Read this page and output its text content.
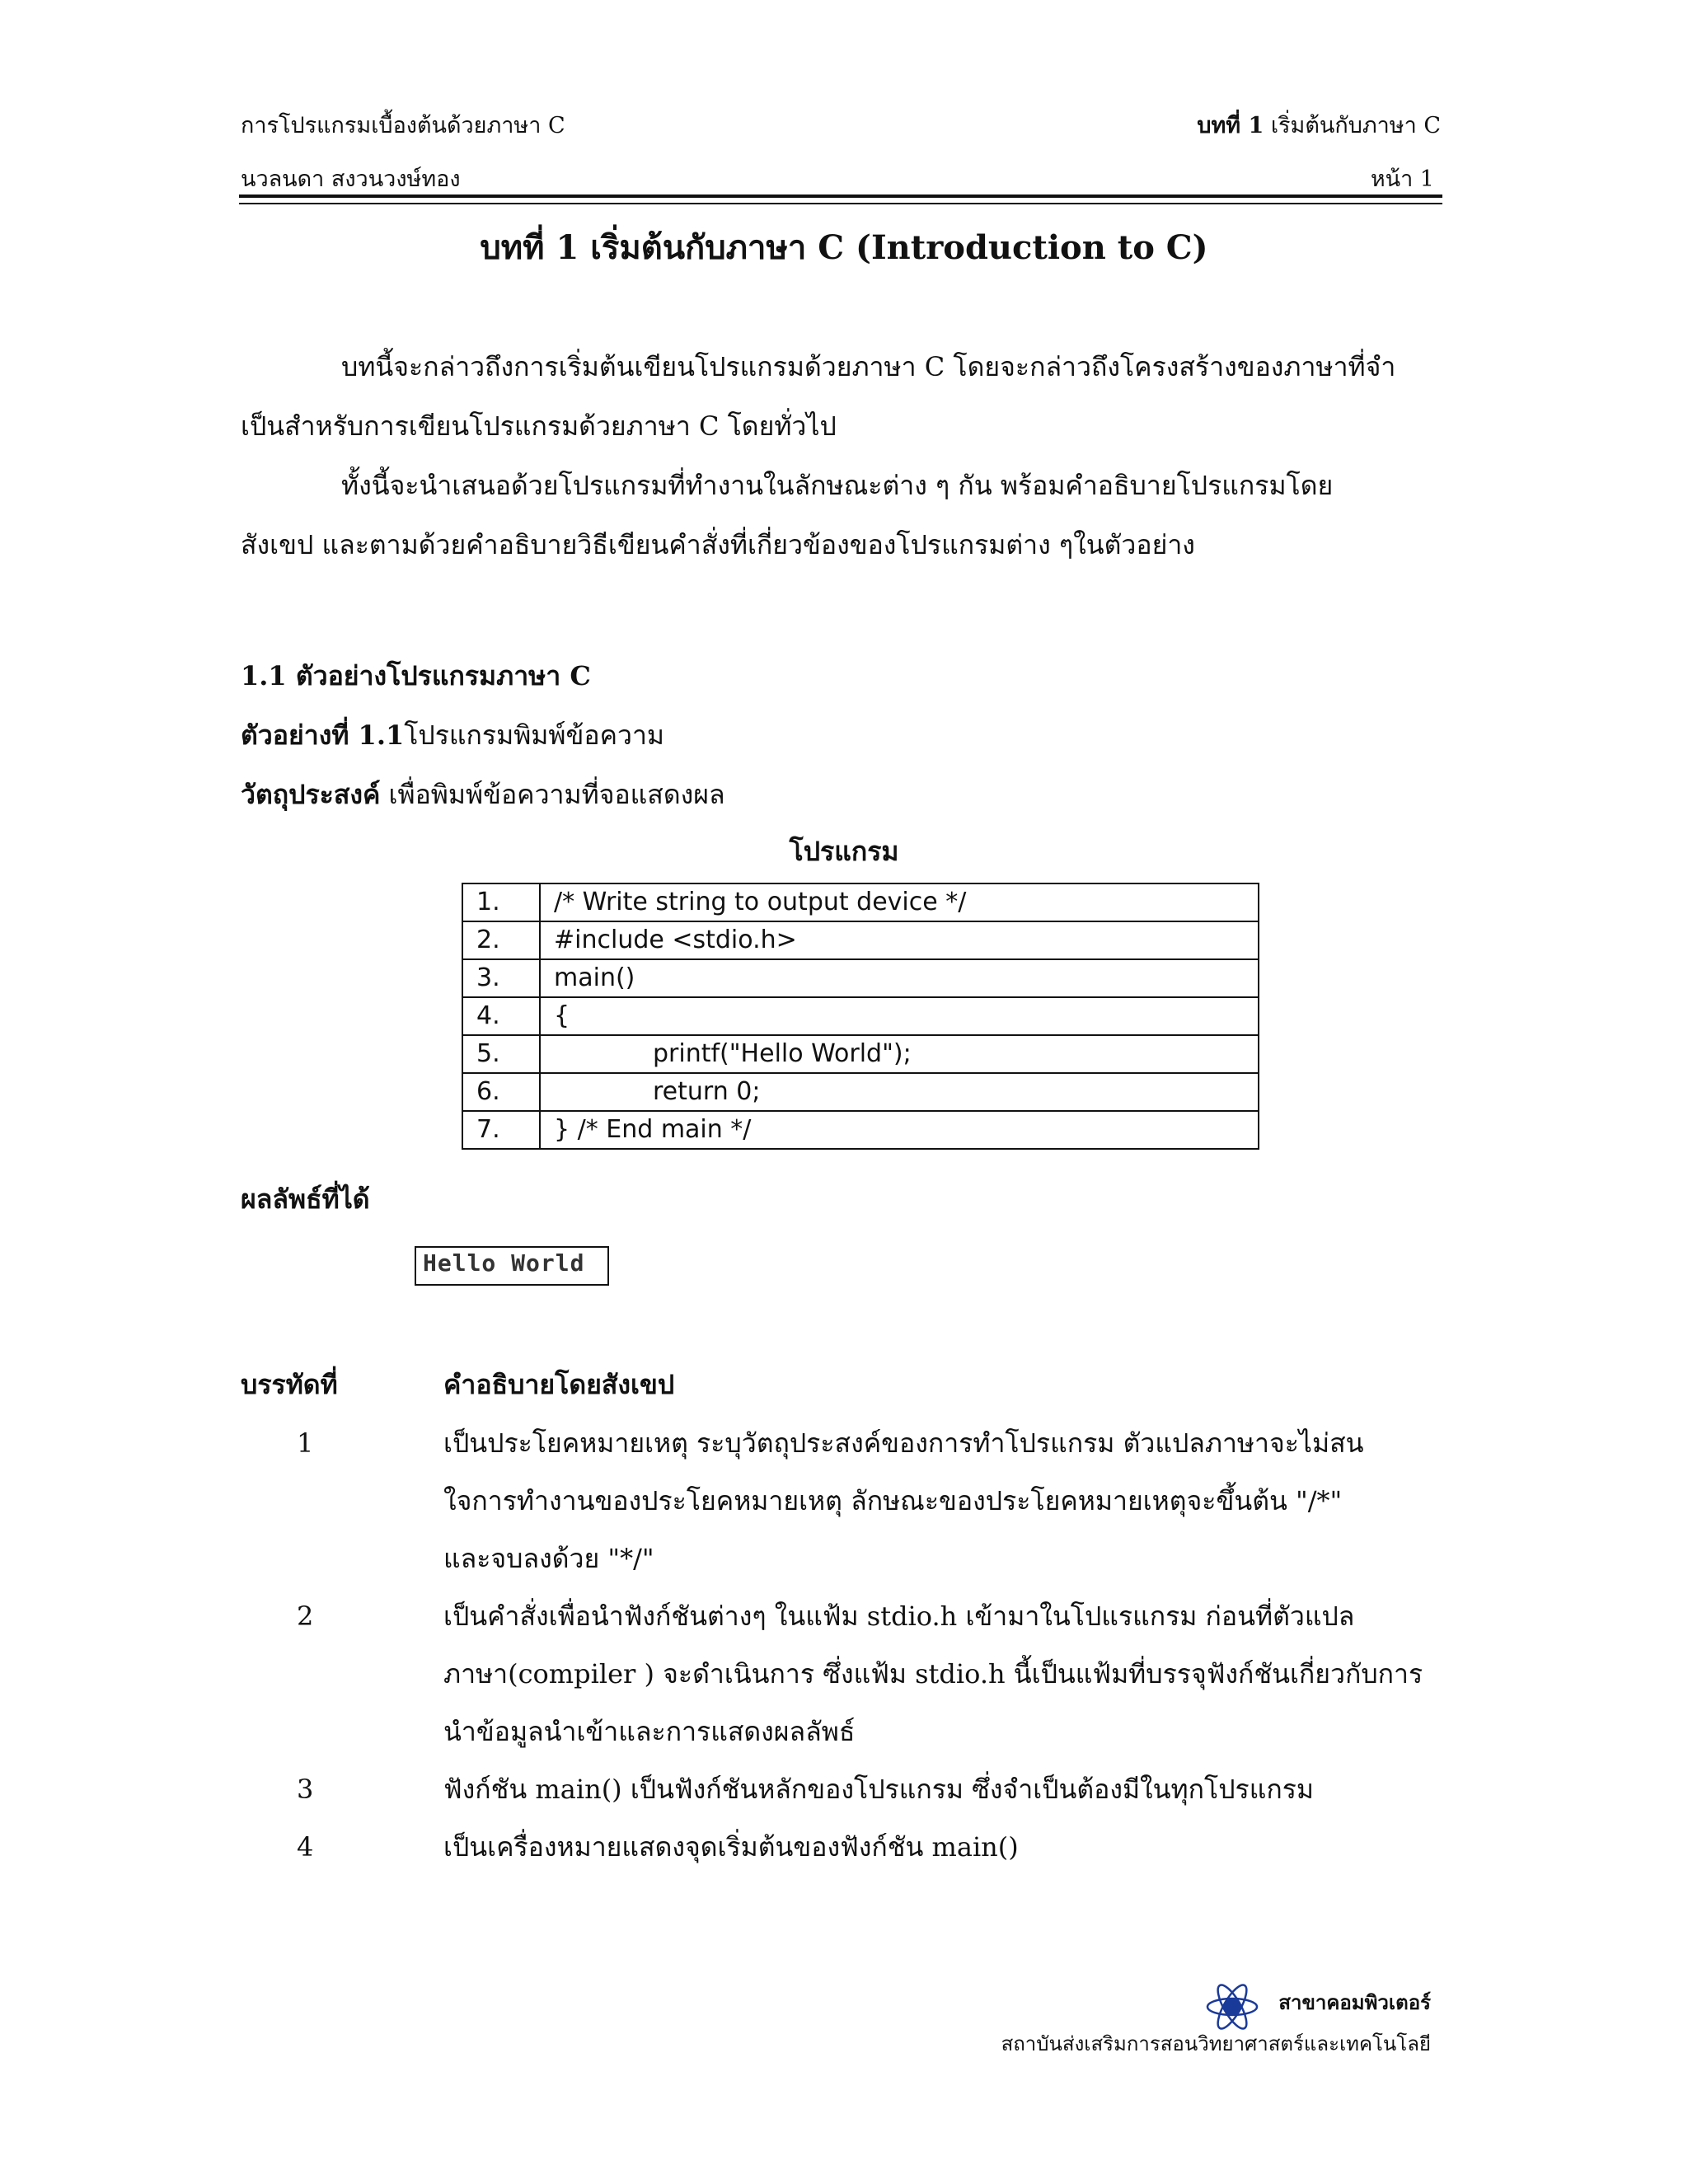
การโปรแกรมเบื้องต้นด้วยภาษา C	บทที่ 1 เริ่มต้นกับภาษา C
นวลนดา สงวนวงษ์ทอง	หน้า 1
บทที่ 1 เริ่มต้นกับภาษา C (Introduction to C)
บทนี้จะกล่าวถึงการเริ่มต้นเขียนโปรแกรมด้วยภาษา C โดยจะกล่าวถึงโครงสร้างของภาษาที่จำ
เป็นสำหรับการเขียนโปรแกรมด้วยภาษา C โดยทั่วไป
ทั้งนี้จะนำเสนอด้วยโปรแกรมที่ทำงานในลักษณะต่าง ๆ กัน พร้อมคำอธิบายโปรแกรมโดย
สังเขป และตามด้วยคำอธิบายวิธีเขียนคำสั่งที่เกี่ยวข้องของโปรแกรมต่าง ๆในตัวอย่าง
1.1 ตัวอย่างโปรแกรมภาษา C
ตัวอย่างที่ 1.1โปรแกรมพิมพ์ข้อความ
วัตถุประสงค์ เพื่อพิมพ์ข้อความที่จอแสดงผล
โปรแกรม
1.	/* Write string to output device */
2.	#include <stdio.h>
3.	main()
4.	{
5.	printf("Hello World");
6.	return 0;
7.	} /* End main */
ผลลัพธ์ที่ได้
Hello World
บรรทัดที่	คำอธิบายโดยสังเขป
1	เป็นประโยคหมายเหตุ ระบุวัตถุประสงค์ของการทำโปรแกรม ตัวแปลภาษาจะไม่สน
ใจการทำงานของประโยคหมายเหตุ ลักษณะของประโยคหมายเหตุจะขึ้นต้น "/*"
และจบลงด้วย "*/"
2	เป็นคำสั่งเพื่อนำฟังก์ชันต่างๆ ในแฟ้ม stdio.h เข้ามาในโปแรแกรม ก่อนที่ตัวแปล
ภาษา(compiler ) จะดำเนินการ ซึ่งแฟ้ม stdio.h นี้เป็นแฟ้มที่บรรจุฟังก์ชันเกี่ยวกับการ
นำข้อมูลนำเข้าและการแสดงผลลัพธ์
3	ฟังก์ชัน main() เป็นฟังก์ชันหลักของโปรแกรม ซึ่งจำเป็นต้องมีในทุกโปรแกรม
4	เป็นเครื่องหมายแสดงจุดเริ่มต้นของฟังก์ชัน main()
สาขาคอมพิวเตอร์
สถาบันส่งเสริมการสอนวิทยาศาสตร์และเทคโนโลยี
